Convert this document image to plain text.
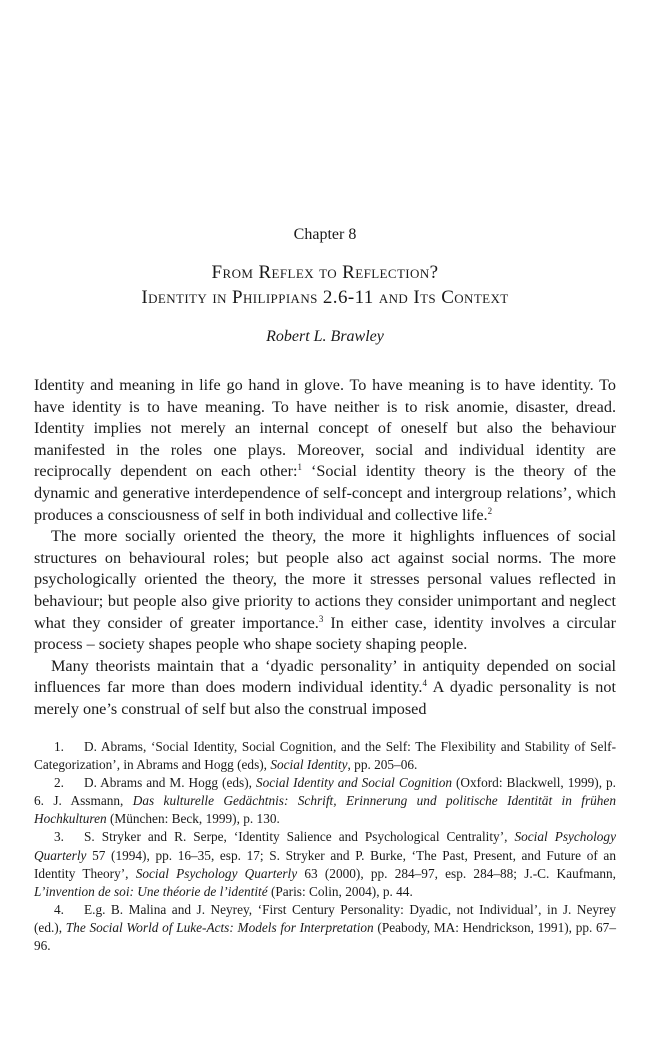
Chapter 8
From Reflex to Reflection?
Identity in Philippians 2.6-11 and Its Context
Robert L. Brawley

Identity and meaning in life go hand in glove. To have meaning is to have identity. To have identity is to have meaning. To have neither is to risk anomie, disaster, dread. Identity implies not merely an internal concept of oneself but also the behaviour manifested in the roles one plays. Moreover, social and individual identity are reciprocally dependent on each other:$^1$ ‘Social identity theory is the theory of the dynamic and generative interdependence of self-concept and intergroup relations’, which produces a consciousness of self in both individual and collective life.$^2$

The more socially oriented the theory, the more it highlights influences of social structures on behavioural roles; but people also act against social norms. The more psychologically oriented the theory, the more it stresses personal values reflected in behaviour; but people also give priority to actions they consider unimportant and neglect what they consider of greater importance.$^3$ In either case, identity involves a circular process – society shapes people who shape society shaping people.

Many theorists maintain that a ‘dyadic personality’ in antiquity depended on social influences far more than does modern individual identity.$^4$ A dyadic personality is not merely one’s construal of self but also the construal imposed

1. D. Abrams, ‘Social Identity, Social Cognition, and the Self: The Flexibility and Stability of Self-Categorization’, in Abrams and Hogg (eds), Social Identity, pp. 205–06.

2. D. Abrams and M. Hogg (eds), Social Identity and Social Cognition (Oxford: Blackwell, 1999), p. 6. J. Assmann, Das kulturelle Gedächtnis: Schrift, Erinnerung und politische Identität in frühen Hochkulturen (München: Beck, 1999), p. 130.

3. S. Stryker and R. Serpe, ‘Identity Salience and Psychological Centrality’, Social Psychology Quarterly 57 (1994), pp. 16–35, esp. 17; S. Stryker and P. Burke, ‘The Past, Present, and Future of an Identity Theory’, Social Psychology Quarterly 63 (2000), pp. 284–97, esp. 284–88; J.-C. Kaufmann, L’invention de soi: Une théorie de l’identité (Paris: Colin, 2004), p. 44.

4. E.g. B. Malina and J. Neyrey, ‘First Century Personality: Dyadic, not Individual’, in J. Neyrey (ed.), The Social World of Luke-Acts: Models for Interpretation (Peabody, MA: Hendrickson, 1991), pp. 67–96.
